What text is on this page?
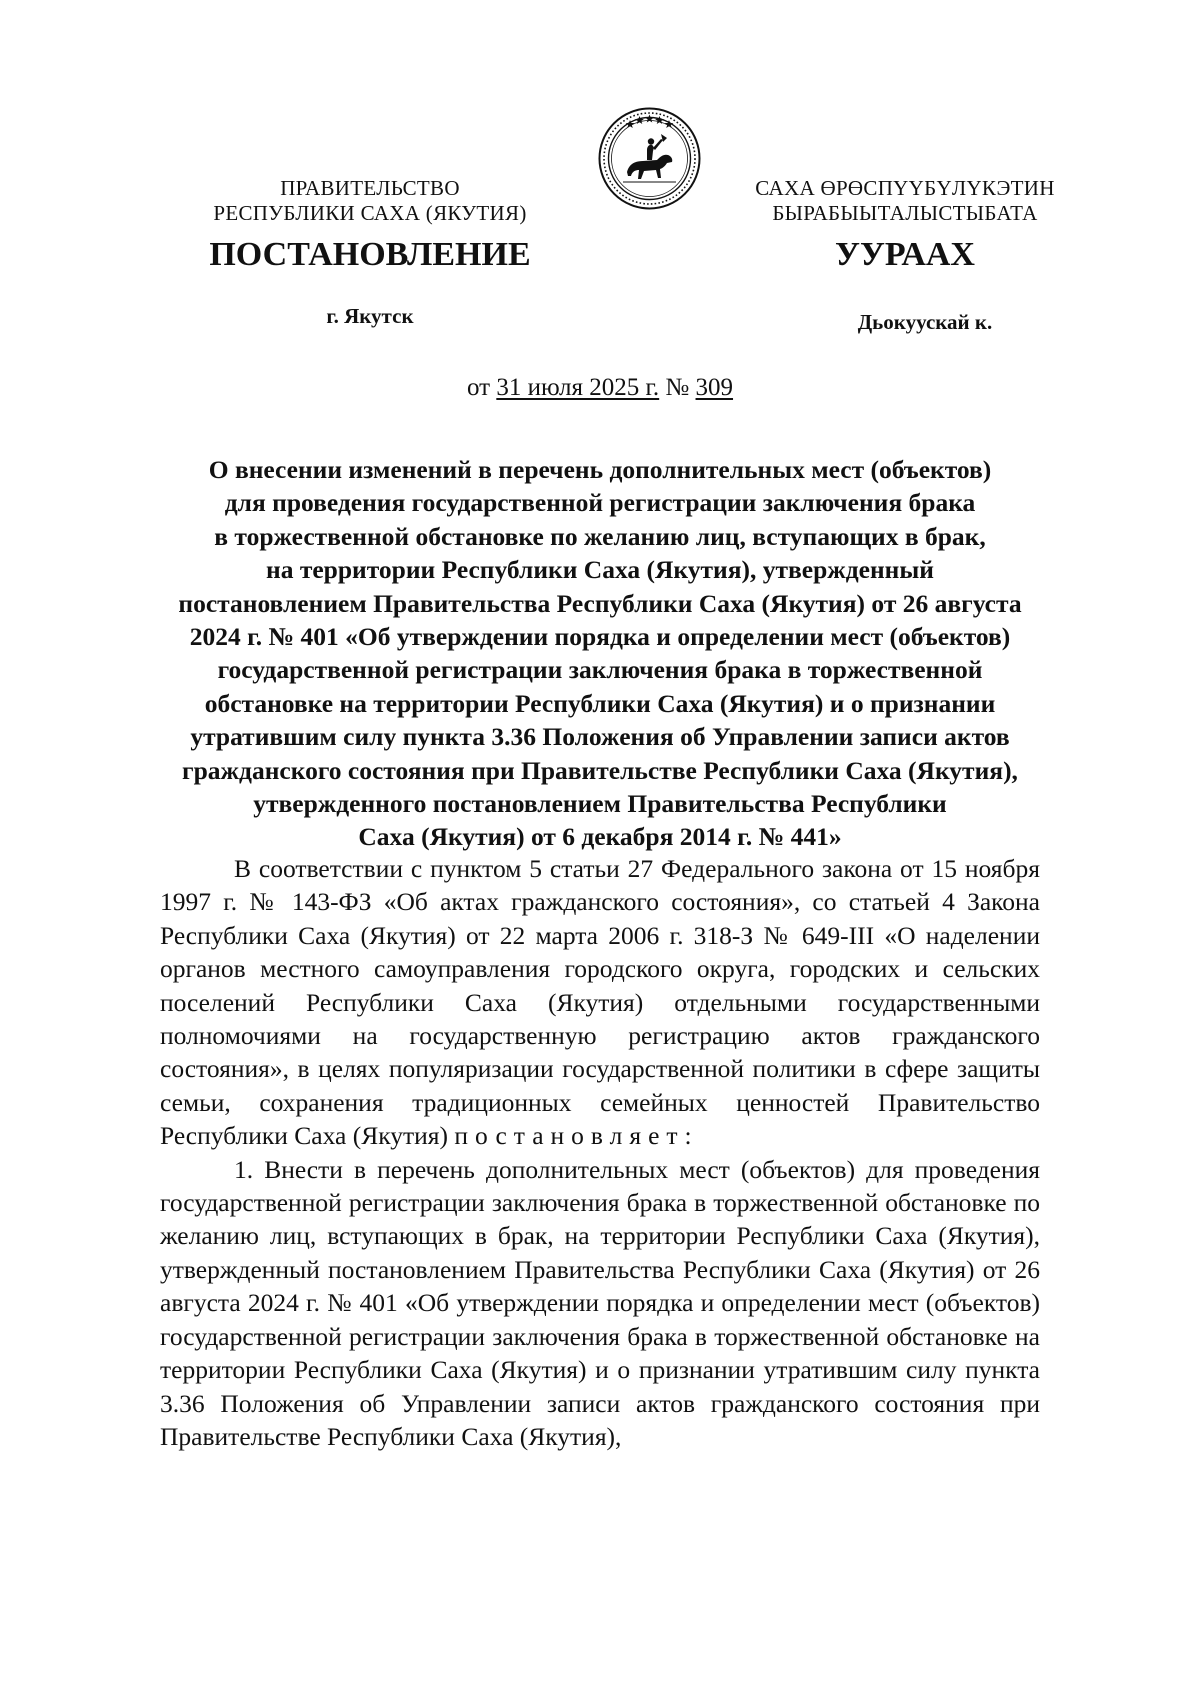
ПРАВИТЕЛЬСТВО
РЕСПУБЛИКИ САХА (ЯКУТИЯ)
САХА ӨРӨСПҮҮБҮЛҮКЭТИН
БЫРАБЫЫТАЛЫСТЫБАТА
ПОСТАНОВЛЕНИЕ	УУРААХ
г. Якутск	Дьокуускай к.
от 31 июля 2025 г. № 309
О внесении изменений в перечень дополнительных мест (объектов)
для проведения государственной регистрации заключения брака
в торжественной обстановке по желанию лиц, вступающих в брак,
на территории Республики Саха (Якутия), утвержденный
постановлением Правительства Республики Саха (Якутия) от 26 августа
2024 г. № 401 «Об утверждении порядка и определении мест (объектов)
государственной регистрации заключения брака в торжественной
обстановке на территории Республики Саха (Якутия) и о признании
утратившим силу пункта 3.36 Положения об Управлении записи актов
гражданского состояния при Правительстве Республики Саха (Якутия),
утвержденного постановлением Правительства Республики
Саха (Якутия) от 6 декабря 2014 г. № 441»

В соответствии с пунктом 5 статьи 27 Федерального закона от 15 ноября 1997 г. № 143-ФЗ «Об актах гражданского состояния», со статьей 4 Закона Республики Саха (Якутия) от 22 марта 2006 г. 318-З № 649-III «О наделении органов местного самоуправления городского округа, городских и сельских поселений Республики Саха (Якутия) отдельными государственными полномочиями на государственную регистрацию актов гражданского состояния», в целях популяризации государственной политики в сфере защиты семьи, сохранения традиционных семейных ценностей Правительство Республики Саха (Якутия) постановляет:

1. Внести в перечень дополнительных мест (объектов) для проведения государственной регистрации заключения брака в торжественной обстановке по желанию лиц, вступающих в брак, на территории Республики Саха (Якутия), утвержденный постановлением Правительства Республики Саха (Якутия) от 26 августа 2024 г. № 401 «Об утверждении порядка и определении мест (объектов) государственной регистрации заключения брака в торжественной обстановке на территории Республики Саха (Якутия) и о признании утратившим силу пункта 3.36 Положения об Управлении записи актов гражданского состояния при Правительстве Республики Саха (Якутия),
